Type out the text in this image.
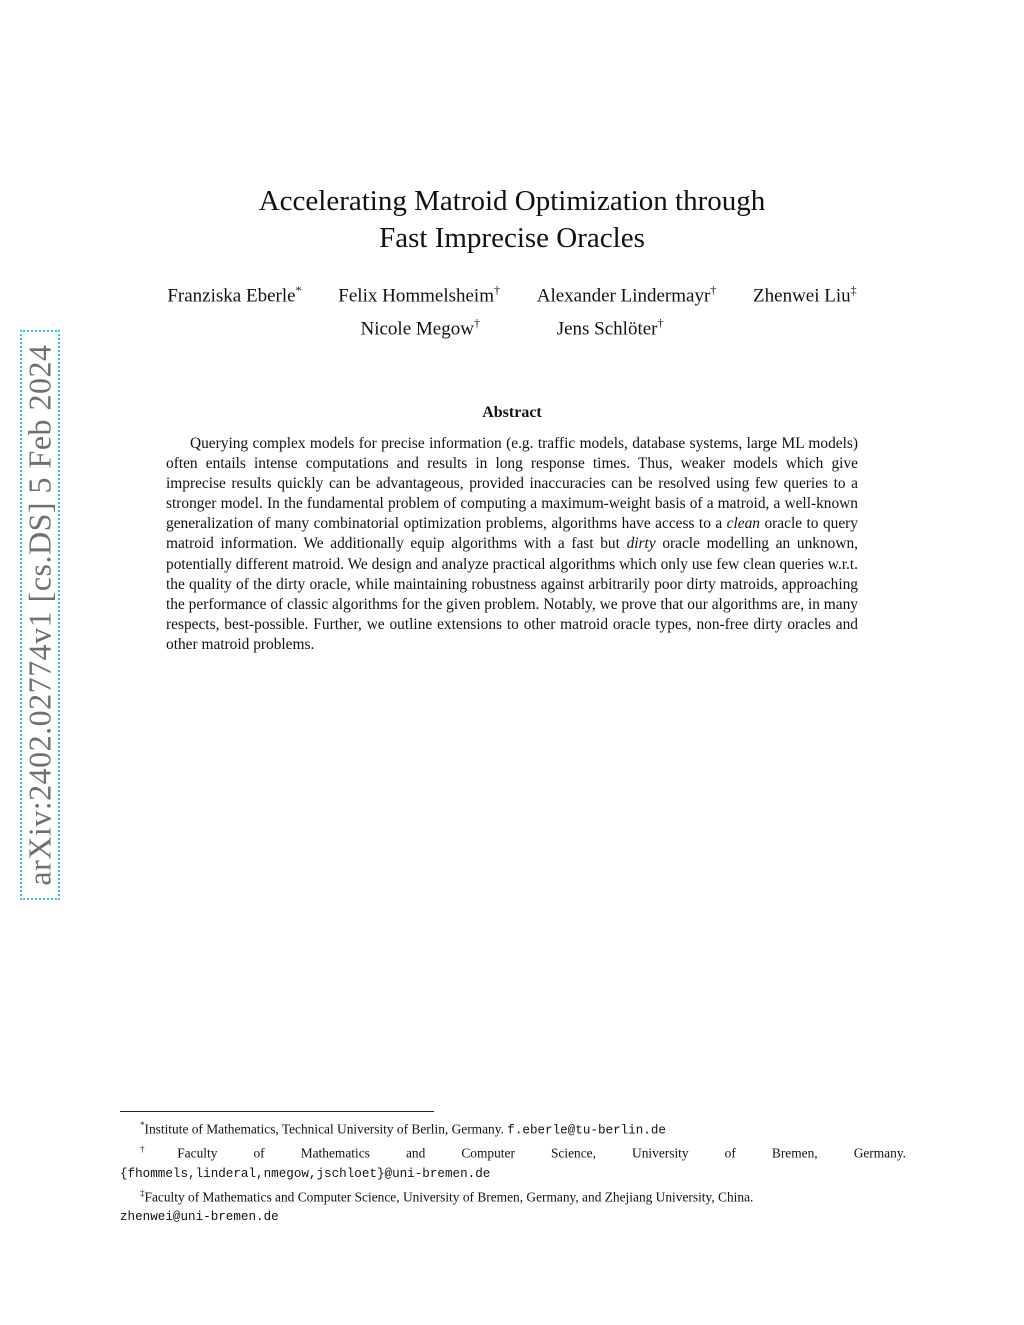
arXiv:2402.02774v1 [cs.DS] 5 Feb 2024
Accelerating Matroid Optimization through
Fast Imprecise Oracles
Franziska Eberle* Felix Hommelsheim† Alexander Lindermayr† Zhenwei Liu‡
Nicole Megow†	Jens Schlöter†
Abstract

Querying complex models for precise information (e.g. traffic models, database systems, large ML models) often entails intense computations and results in long response times. Thus, weaker models which give imprecise results quickly can be advantageous, provided inaccuracies can be resolved using few queries to a stronger model. In the fundamental problem of computing a maximum-weight basis of a matroid, a well-known generalization of many combinatorial optimization problems, algorithms have access to a clean oracle to query matroid information. We additionally equip algorithms with a fast but dirty oracle modelling an unknown, potentially different matroid. We design and analyze practical algorithms which only use few clean queries w.r.t. the quality of the dirty oracle, while maintaining robustness against arbitrarily poor dirty matroids, approaching the performance of classic algorithms for the given problem. Notably, we prove that our algorithms are, in many respects, best-possible. Further, we outline extensions to other matroid oracle types, non-free dirty oracles and other matroid problems.

*Institute of Mathematics, Technical University of Berlin, Germany. f.eberle@tu-berlin.de

†Faculty of Mathematics and Computer Science, University of Bremen, Germany.

{fhommels,linderal,nmegow,jschloet}@uni-bremen.de

‡Faculty of Mathematics and Computer Science, University of Bremen, Germany, and Zhejiang University, China.

zhenwei@uni-bremen.de
